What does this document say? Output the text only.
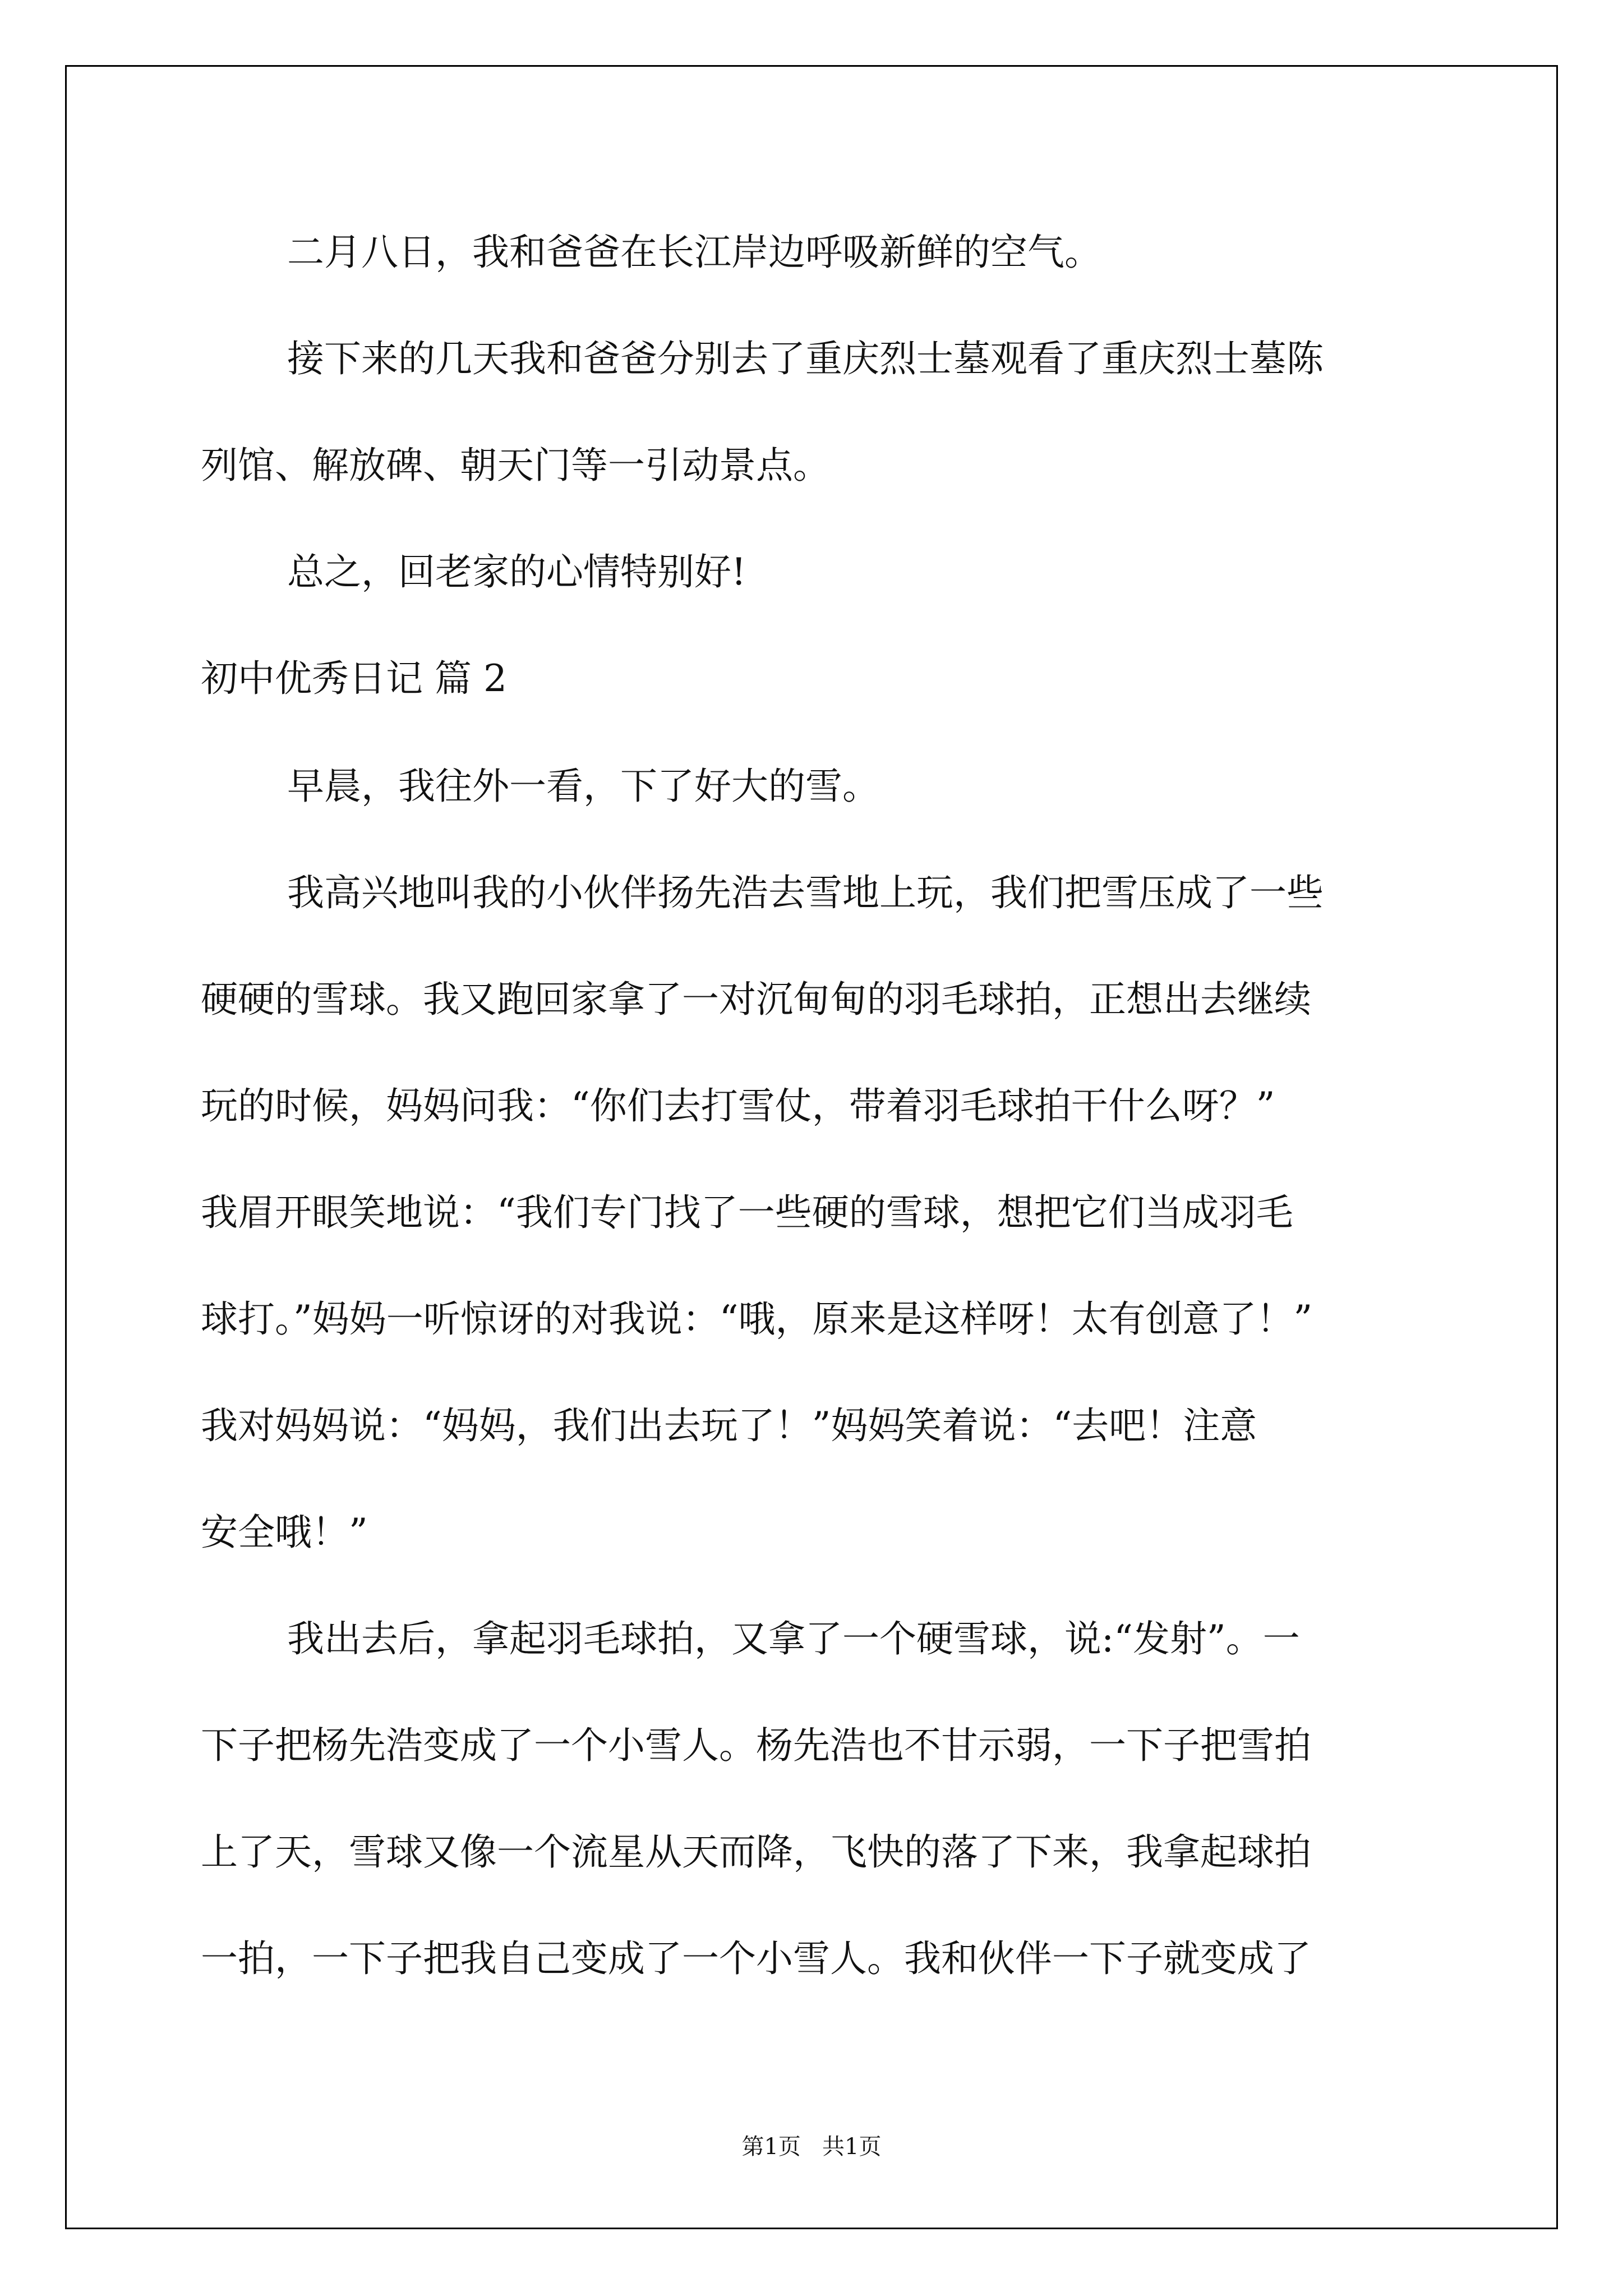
二月八日，我和爸爸在长江岸边呼吸新鲜的空气。

接下来的几天我和爸爸分别去了重庆烈士墓观看了重庆烈士墓陈

列馆、解放碑、朝天门等一引动景点。

总之，回老家的心情特别好!

初中优秀日记 篇 2

早晨，我往外一看，下了好大的雪。

我高兴地叫我的小伙伴扬先浩去雪地上玩，我们把雪压成了一些

硬硬的雪球。我又跑回家拿了一对沉甸甸的羽毛球拍，正想出去继续

玩的时候，妈妈问我：“你们去打雪仗，带着羽毛球拍干什么呀？”

我眉开眼笑地说：“我们专门找了一些硬的雪球，想把它们当成羽毛

球打。”妈妈一听惊讶的对我说：“哦，原来是这样呀！太有创意了！”

我对妈妈说：“妈妈，我们出去玩了！”妈妈笑着说：“去吧！注意

安全哦！”

我出去后，拿起羽毛球拍，又拿了一个硬雪球，说:“发射”。一

下子把杨先浩变成了一个小雪人。杨先浩也不甘示弱，一下子把雪拍

上了天，雪球又像一个流星从天而降，飞快的落了下来，我拿起球拍

一拍，一下子把我自己变成了一个小雪人。我和伙伴一下子就变成了

第1页   共1页
